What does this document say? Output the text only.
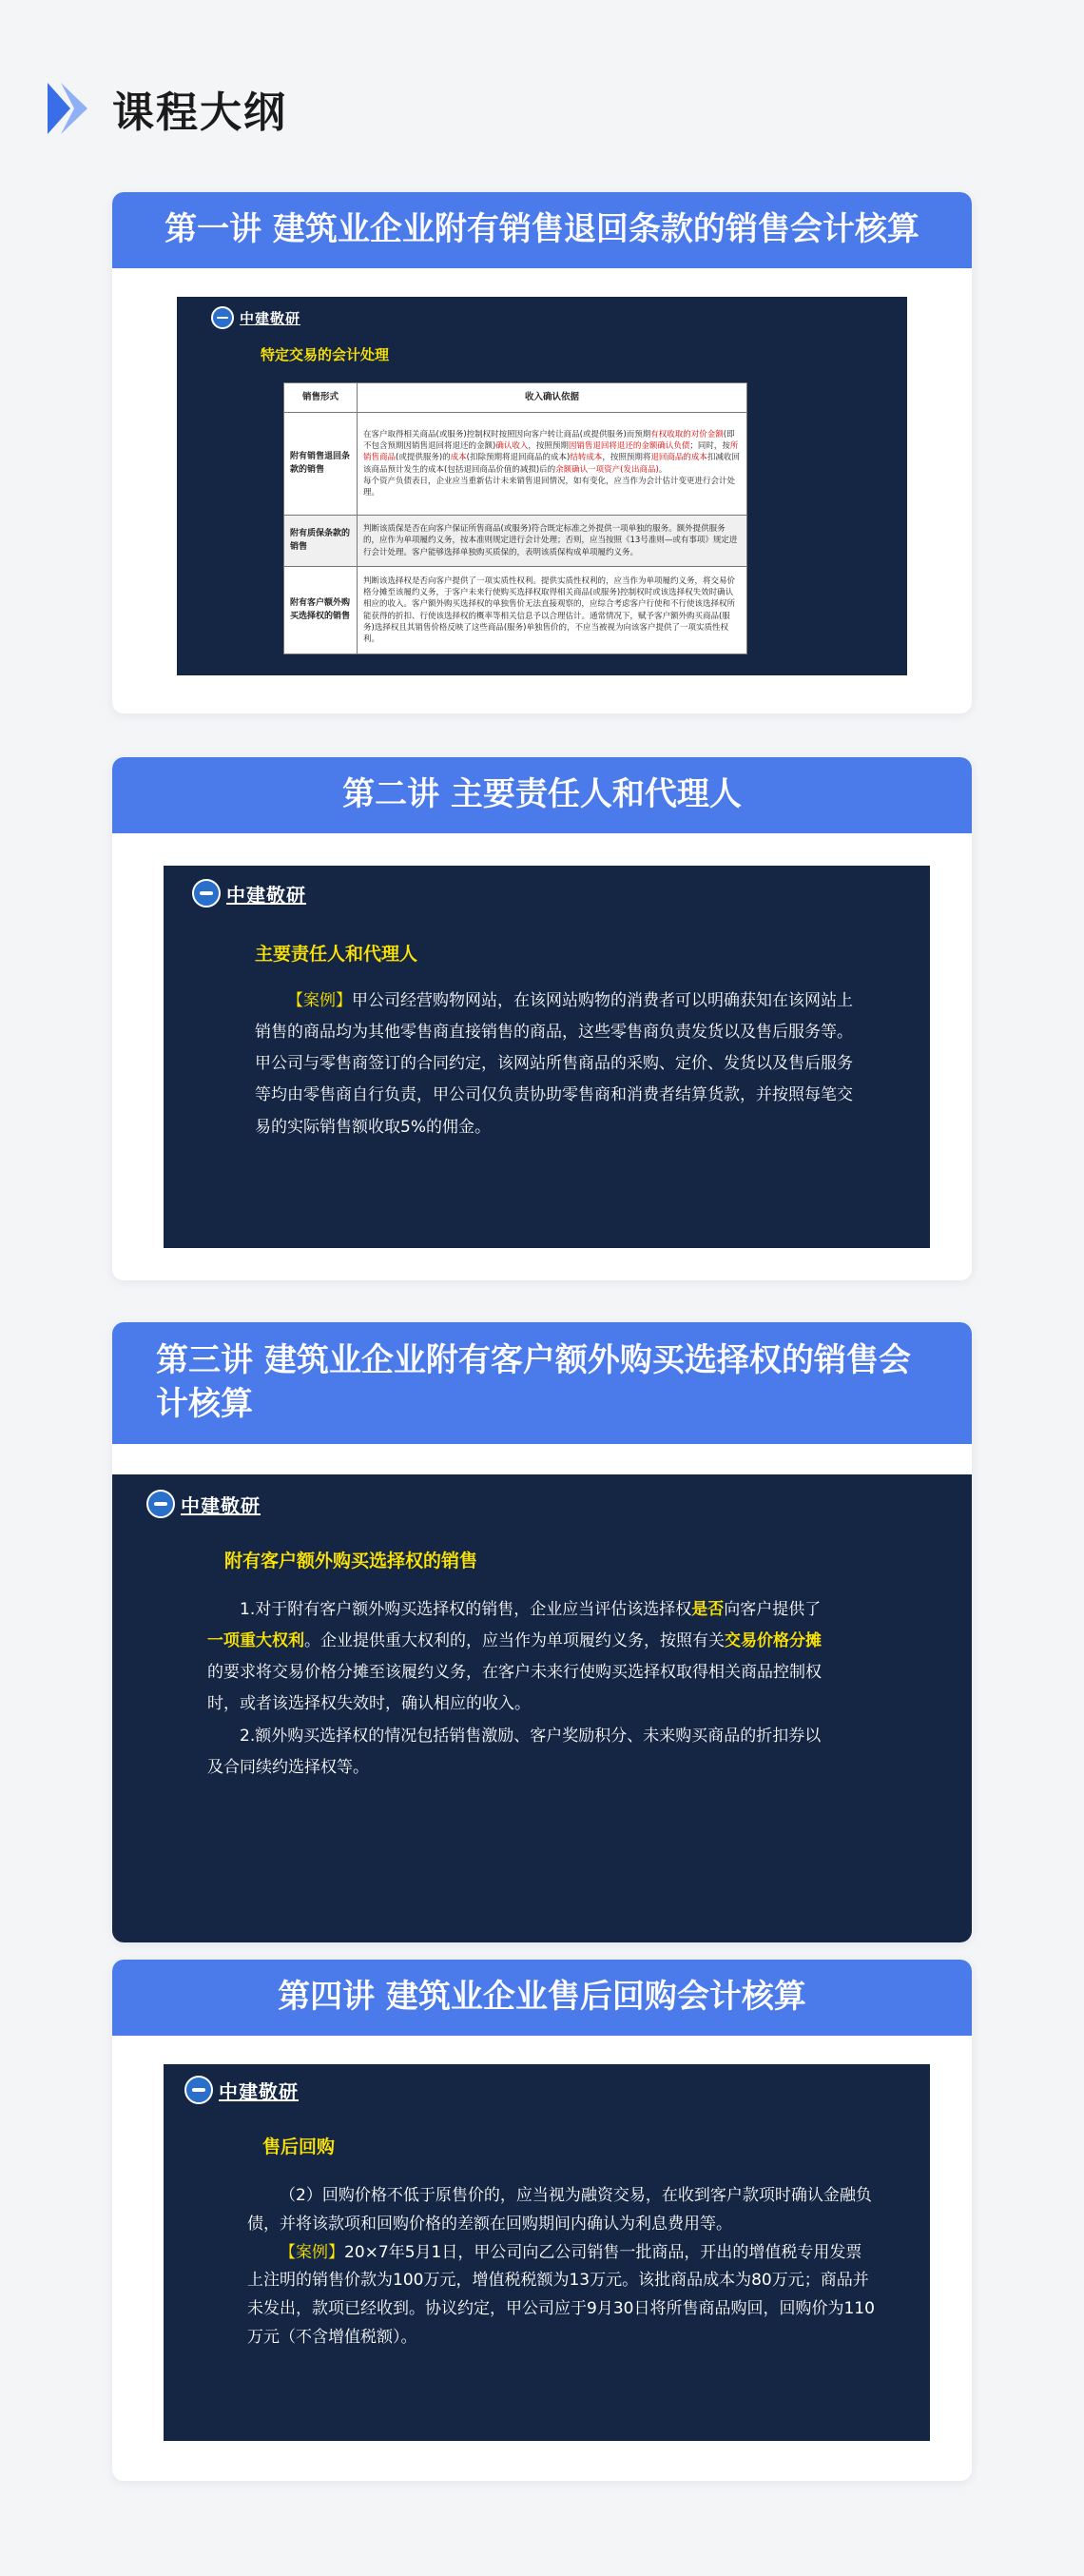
课程大纲
第一讲 建筑业企业附有销售退回条款的销售会计核算
中建敬研
特定交易的会计处理
销售形式	收入确认依据
附有销售退回条款的销售	在客户取得相关商品(或服务)控制权时按照因向客户转让商品(或提供服务)而预期有权收取的对价金额(即不包含预期因销售退回将退还的金额)确认收入，按照预期因销售退回将退还的金额确认负债；同时，按所销售商品(或提供服务)的成本(扣除预期将退回商品的成本)结转成本，按照预期将退回商品的成本扣减收回该商品预计发生的成本(包括退回商品价值的减损)后的余额确认一项资产(发出商品)。
每个资产负债表日，企业应当重新估计未来销售退回情况，如有变化，应当作为会计估计变更进行会计处理。
附有质保条款的销售	判断该质保是否在向客户保证所售商品(或服务)符合既定标准之外提供一项单独的服务。额外提供服务的，应作为单项履约义务，按本准则规定进行会计处理；否则，应当按照《13号准则—或有事项》规定进行会计处理。客户能够选择单独购买质保的，表明该质保构成单项履约义务。
附有客户额外购买选择权的销售	判断该选择权是否向客户提供了一项实质性权利。提供实质性权利的，应当作为单项履约义务，将交易价格分摊至该履约义务，于客户未来行使购买选择权取得相关商品(或服务)控制权时或该选择权失效时确认相应的收入。客户额外购买选择权的单独售价无法直接观察的，应综合考虑客户行使和不行使该选择权所能获得的折扣、行使该选择权的概率等相关信息予以合理估计。通常情况下，赋予客户额外购买商品(服务)选择权且其销售价格反映了这些商品(服务)单独售价的，不应当被视为向该客户提供了一项实质性权利。
第二讲 主要责任人和代理人
中建敬研
主要责任人和代理人
【案例】甲公司经营购物网站，在该网站购物的消费者可以明确获知在该网站上销售的商品均为其他零售商直接销售的商品，这些零售商负责发货以及售后服务等。甲公司与零售商签订的合同约定，该网站所售商品的采购、定价、发货以及售后服务等均由零售商自行负责，甲公司仅负责协助零售商和消费者结算货款，并按照每笔交易的实际销售额收取5%的佣金。
第三讲 建筑业企业附有客户额外购买选择权的销售会计核算
中建敬研
附有客户额外购买选择权的销售
1.对于附有客户额外购买选择权的销售，企业应当评估该选择权是否向客户提供了一项重大权利。企业提供重大权利的，应当作为单项履约义务，按照有关交易价格分摊的要求将交易价格分摊至该履约义务，在客户未来行使购买选择权取得相关商品控制权时，或者该选择权失效时，确认相应的收入。
2.额外购买选择权的情况包括销售激励、客户奖励积分、未来购买商品的折扣券以及合同续约选择权等。
第四讲 建筑业企业售后回购会计核算
中建敬研
售后回购
（2）回购价格不低于原售价的，应当视为融资交易，在收到客户款项时确认金融负债，并将该款项和回购价格的差额在回购期间内确认为利息费用等。
【案例】20×7年5月1日，甲公司向乙公司销售一批商品，开出的增值税专用发票上注明的销售价款为100万元，增值税税额为13万元。该批商品成本为80万元；商品并未发出，款项已经收到。协议约定，甲公司应于9月30日将所售商品购回，回购价为110万元（不含增值税额）。
